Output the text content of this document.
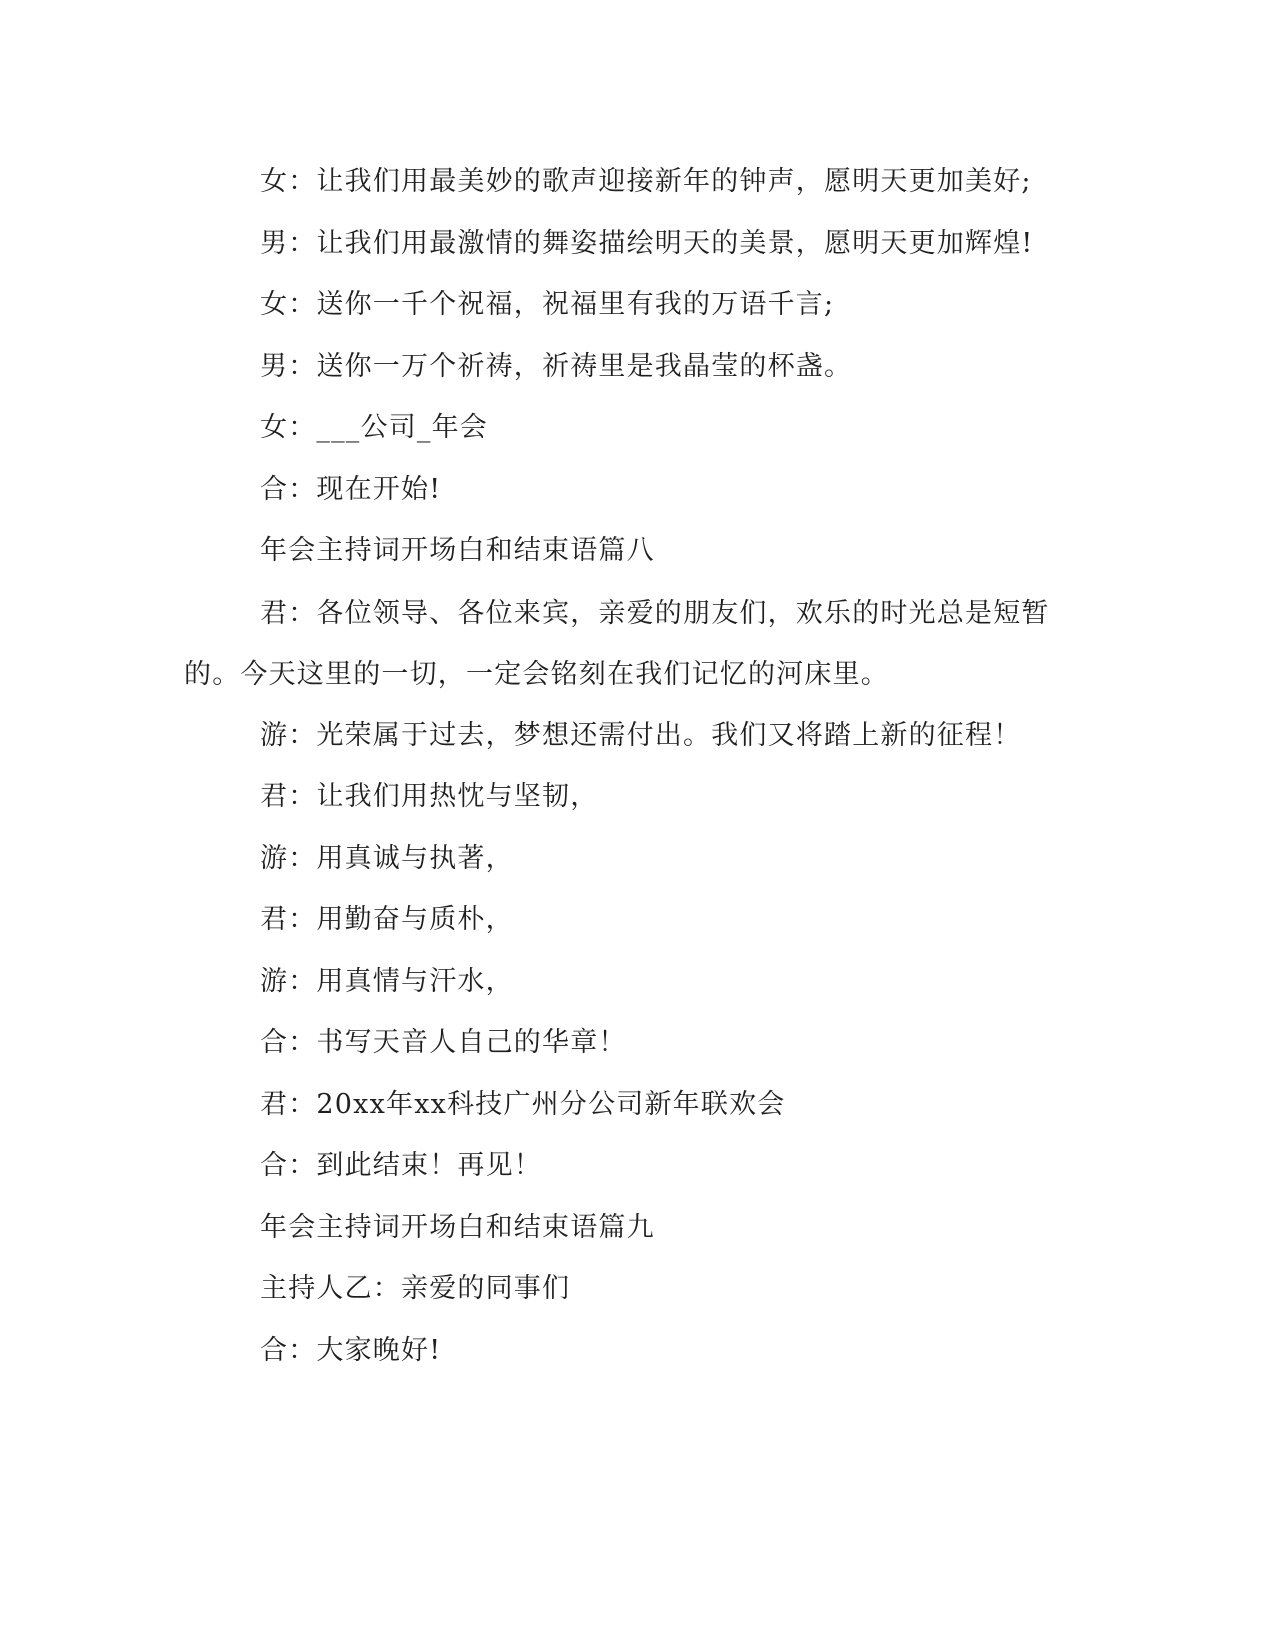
女：让我们用最美妙的歌声迎接新年的钟声，愿明天更加美好;
男：让我们用最激情的舞姿描绘明天的美景，愿明天更加辉煌!
女：送你一千个祝福，祝福里有我的万语千言;
男：送你一万个祈祷，祈祷里是我晶莹的杯盏。
女：___公司_年会
合：现在开始!
年会主持词开场白和结束语篇八
君：各位领导、各位来宾，亲爱的朋友们，欢乐的时光总是短暂的。今天这里的一切，一定会铭刻在我们记忆的河床里。
游：光荣属于过去，梦想还需付出。我们又将踏上新的征程！
君：让我们用热忱与坚韧，
游：用真诚与执著，
君：用勤奋与质朴，
游：用真情与汗水，
合：书写天音人自己的华章！
君：20xx年xx科技广州分公司新年联欢会
合：到此结束！再见！
年会主持词开场白和结束语篇九
主持人乙：亲爱的同事们
合：大家晚好!
